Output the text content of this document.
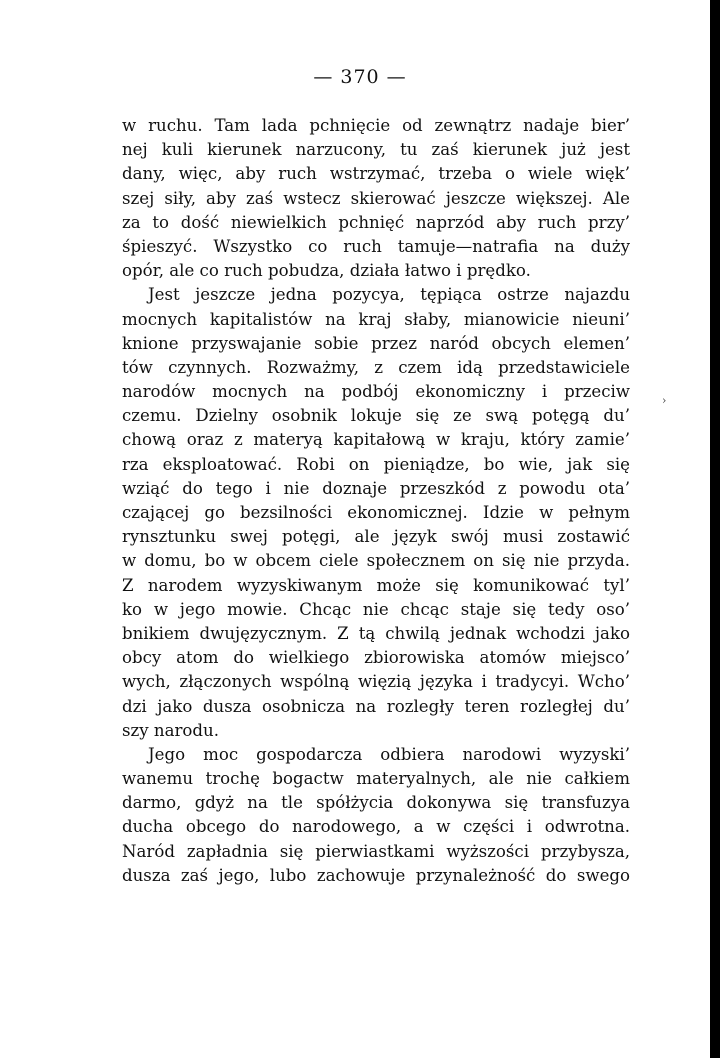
— 370 —
w ruchu. Tam lada pchnięcie od zewnątrz nadaje bier’
nej kuli kierunek narzucony, tu zaś kierunek już jest
dany, więc, aby ruch wstrzymać, trzeba o wiele więk’
szej siły, aby zaś wstecz skierować jeszcze większej. Ale
za to dość niewielkich pchnięć naprzód aby ruch przy’
śpieszyć. Wszystko co ruch tamuje—natrafia na duży
opór, ale co ruch pobudza, działa łatwo i prędko.
Jest jeszcze jedna pozycya, tępiąca ostrze najazdu
mocnych kapitalistów na kraj słaby, mianowicie nieuni’
knione przyswajanie sobie przez naród obcych elemen’
tów czynnych. Rozważmy, z czem idą przedstawiciele
narodów mocnych na podbój ekonomiczny i przeciw
czemu. Dzielny osobnik lokuje się ze swą potęgą du’
chową oraz z materyą kapitałową w kraju, który zamie’
rza eksploatować. Robi on pieniądze, bo wie, jak się
wziąć do tego i nie doznaje przeszkód z powodu ota’
czającej go bezsilności ekonomicznej. Idzie w pełnym
rynsztunku swej potęgi, ale język swój musi zostawić
w domu, bo w obcem ciele społecznem on się nie przyda.
Z narodem wyzyskiwanym może się komunikować tyl’
ko w jego mowie. Chcąc nie chcąc staje się tedy oso’
bnikiem dwujęzycznym. Z tą chwilą jednak wchodzi jako
obcy atom do wielkiego zbiorowiska atomów miejsco’
wych, złączonych wspólną więzią języka i tradycyi. Wcho’
dzi jako dusza osobnicza na rozległy teren rozległej du’
szy narodu.
Jego moc gospodarcza odbiera narodowi wyzyski’
wanemu trochę bogactw materyalnych, ale nie całkiem
darmo, gdyż na tle spółżycia dokonywa się transfuzya
ducha obcego do narodowego, a w części i odwrotna.
Naród zapładnia się pierwiastkami wyższości przybysza,
dusza zaś jego, lubo zachowuje przynależność do swego
›
